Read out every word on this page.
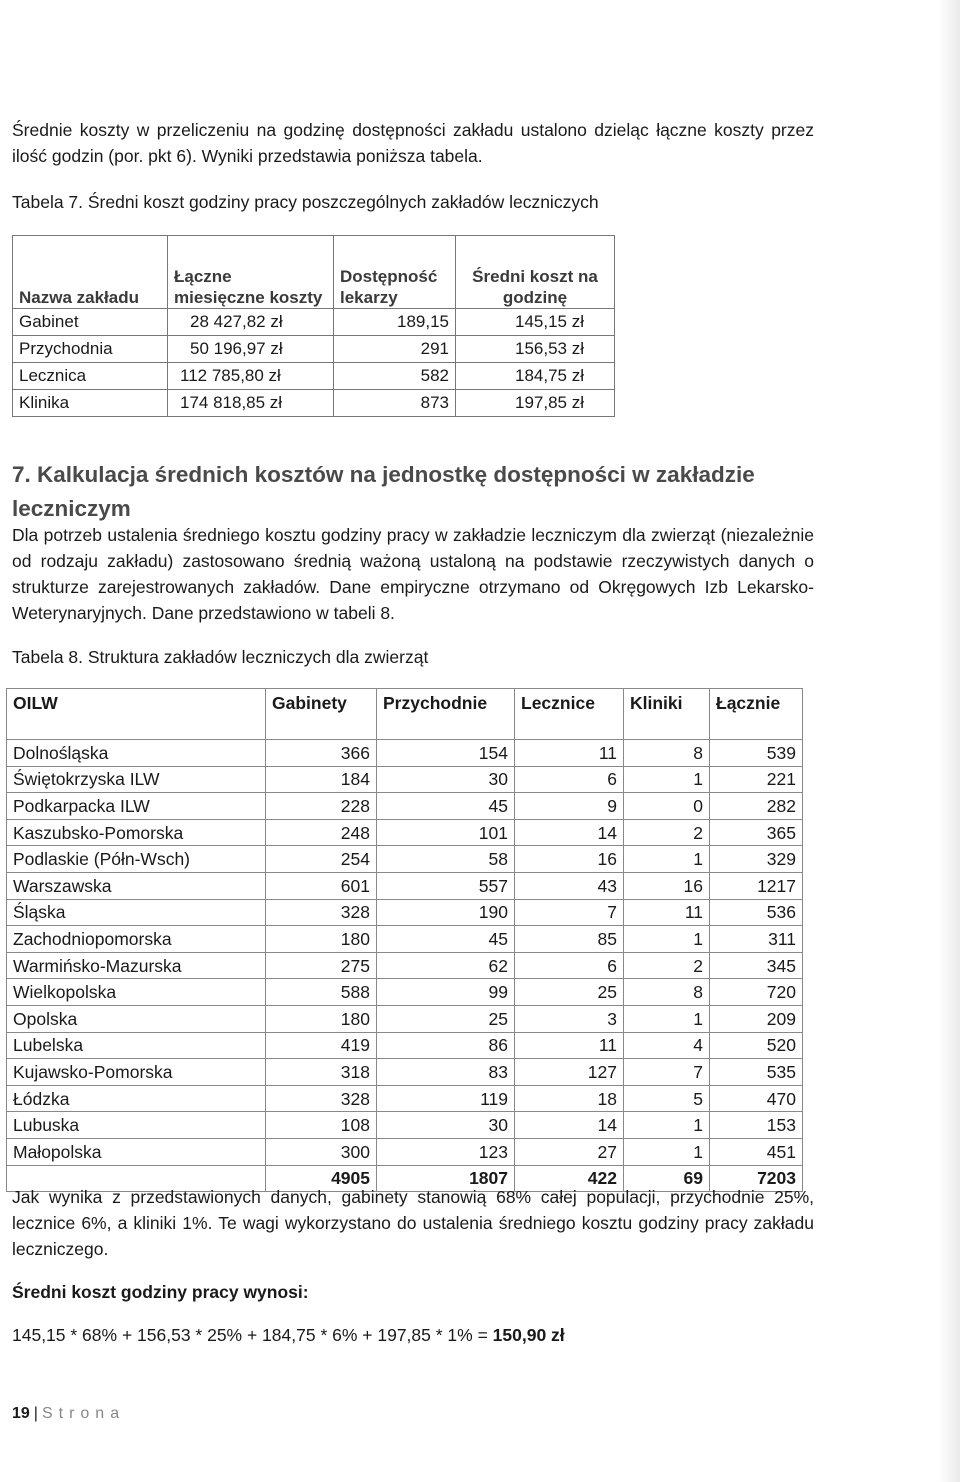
Średnie koszty w przeliczeniu na godzinę dostępności zakładu ustalono dzieląc łączne koszty przez ilość godzin (por. pkt 6). Wyniki przedstawia poniższa tabela.

Tabela 7. Średni koszt godziny pracy poszczególnych zakładów leczniczych
Nazwa zakładu	Łączne miesięczne koszty	Dostępność lekarzy	Średni koszt na godzinę
Gabinet	28 427,82 zł	189,15	145,15 zł
Przychodnia	50 196,97 zł	291	156,53 zł
Lecznica	112 785,80 zł	582	184,75 zł
Klinika	174 818,85 zł	873	197,85 zł
7. Kalkulacja średnich kosztów na jednostkę dostępności w zakładzie leczniczym

Dla potrzeb ustalenia średniego kosztu godziny pracy w zakładzie leczniczym dla zwierząt (niezależnie od rodzaju zakładu) zastosowano średnią ważoną ustaloną na podstawie rzeczywistych danych o strukturze zarejestrowanych zakładów. Dane empiryczne otrzymano od Okręgowych Izb Lekarsko-Weterynaryjnych. Dane przedstawiono w tabeli 8.

Tabela 8. Struktura zakładów leczniczych dla zwierząt
OILW	Gabinety	Przychodnie	Lecznice	Kliniki	Łącznie
Dolnośląska	366	154	11	8	539
Świętokrzyska ILW	184	30	6	1	221
Podkarpacka ILW	228	45	9	0	282
Kaszubsko-Pomorska	248	101	14	2	365
Podlaskie (Półn-Wsch)	254	58	16	1	329
Warszawska	601	557	43	16	1217
Śląska	328	190	7	11	536
Zachodniopomorska	180	45	85	1	311
Warmińsko-Mazurska	275	62	6	2	345
Wielkopolska	588	99	25	8	720
Opolska	180	25	3	1	209
Lubelska	419	86	11	4	520
Kujawsko-Pomorska	318	83	127	7	535
Łódzka	328	119	18	5	470
Lubuska	108	30	14	1	153
Małopolska	300	123	27	1	451
	4905	1807	422	69	7203

Jak wynika z przedstawionych danych, gabinety stanowią 68% całej populacji, przychodnie 25%, lecznice 6%, a kliniki 1%. Te wagi wykorzystano do ustalenia średniego kosztu godziny pracy zakładu leczniczego.

Średni koszt godziny pracy wynosi:
145,15 * 68% + 156,53 * 25% + 184,75 * 6% + 197,85 * 1% = 150,90 zł
19 | Strona
